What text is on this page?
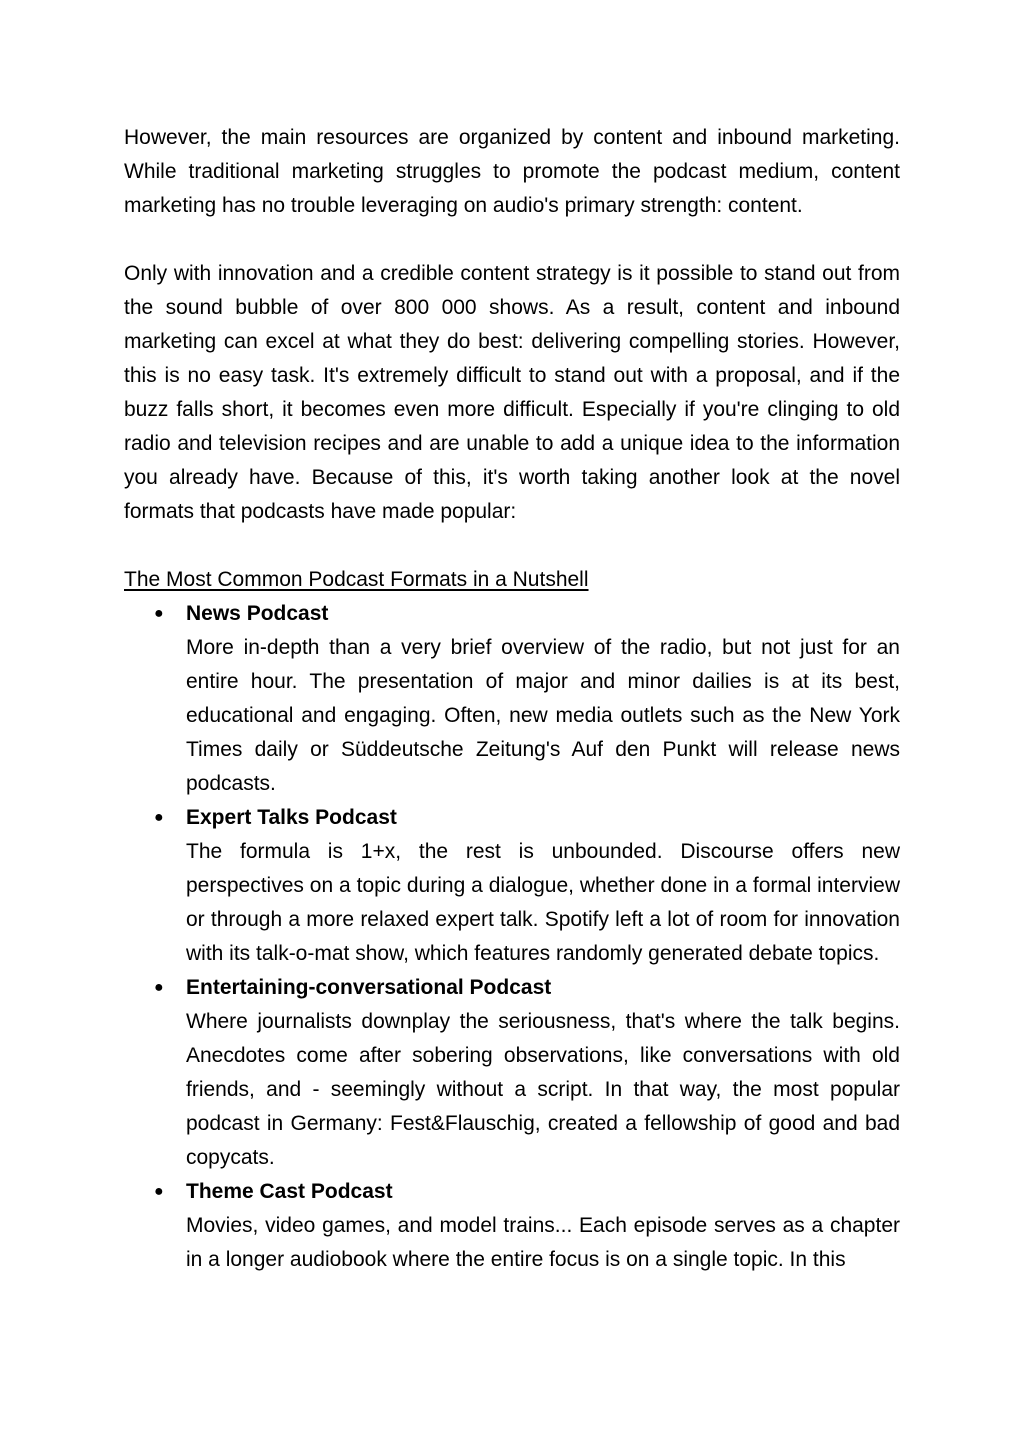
However, the main resources are organized by content and inbound marketing. While traditional marketing struggles to promote the podcast medium, content marketing has no trouble leveraging on audio's primary strength: content.

Only with innovation and a credible content strategy is it possible to stand out from the sound bubble of over 800 000 shows. As a result, content and inbound marketing can excel at what they do best: delivering compelling stories. However, this is no easy task. It's extremely difficult to stand out with a proposal, and if the buzz falls short, it becomes even more difficult. Especially if you're clinging to old radio and television recipes and are unable to add a unique idea to the information you already have. Because of this, it's worth taking another look at the novel formats that podcasts have made popular:

The Most Common Podcast Formats in a Nutshell

● News Podcast
More in-depth than a very brief overview of the radio, but not just for an entire hour. The presentation of major and minor dailies is at its best, educational and engaging. Often, new media outlets such as the New York Times daily or Süddeutsche Zeitung's Auf den Punkt will release news podcasts.
● Expert Talks Podcast
The formula is 1+x, the rest is unbounded. Discourse offers new perspectives on a topic during a dialogue, whether done in a formal interview or through a more relaxed expert talk. Spotify left a lot of room for innovation with its talk-o-mat show, which features randomly generated debate topics.
● Entertaining-conversational Podcast
Where journalists downplay the seriousness, that's where the talk begins. Anecdotes come after sobering observations, like conversations with old friends, and - seemingly without a script. In that way, the most popular podcast in Germany: Fest&Flauschig, created a fellowship of good and bad copycats.
● Theme Cast Podcast
Movies, video games, and model trains... Each episode serves as a chapter in a longer audiobook where the entire focus is on a single topic. In this
